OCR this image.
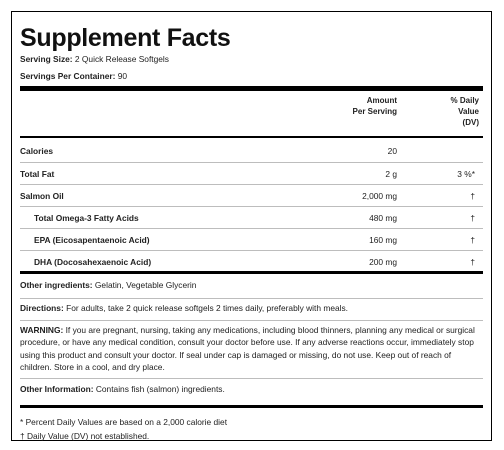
Supplement Facts
Serving Size: 2 Quick Release Softgels
Servings Per Container: 90
Amount
Per Serving
% Daily
Value
(DV)
Calories	20
Total Fat	2 g	3 %*
Salmon Oil	2,000 mg	†
Total Omega-3 Fatty Acids	480 mg	†
EPA (Eicosapentaenoic Acid)	160 mg	†
DHA (Docosahexaenoic Acid)	200 mg	†
Other ingredients: Gelatin, Vegetable Glycerin
Directions: For adults, take 2 quick release softgels 2 times daily, preferably with meals.
WARNING: If you are pregnant, nursing, taking any medications, including blood thinners, planning any medical or surgical procedure, or have any medical condition, consult your doctor before use. If any adverse reactions occur, immediately stop using this product and consult your doctor. If seal under cap is damaged or missing, do not use. Keep out of reach of children. Store in a cool, and dry place.
Other Information: Contains fish (salmon) ingredients.
* Percent Daily Values are based on a 2,000 calorie diet
† Daily Value (DV) not established.
